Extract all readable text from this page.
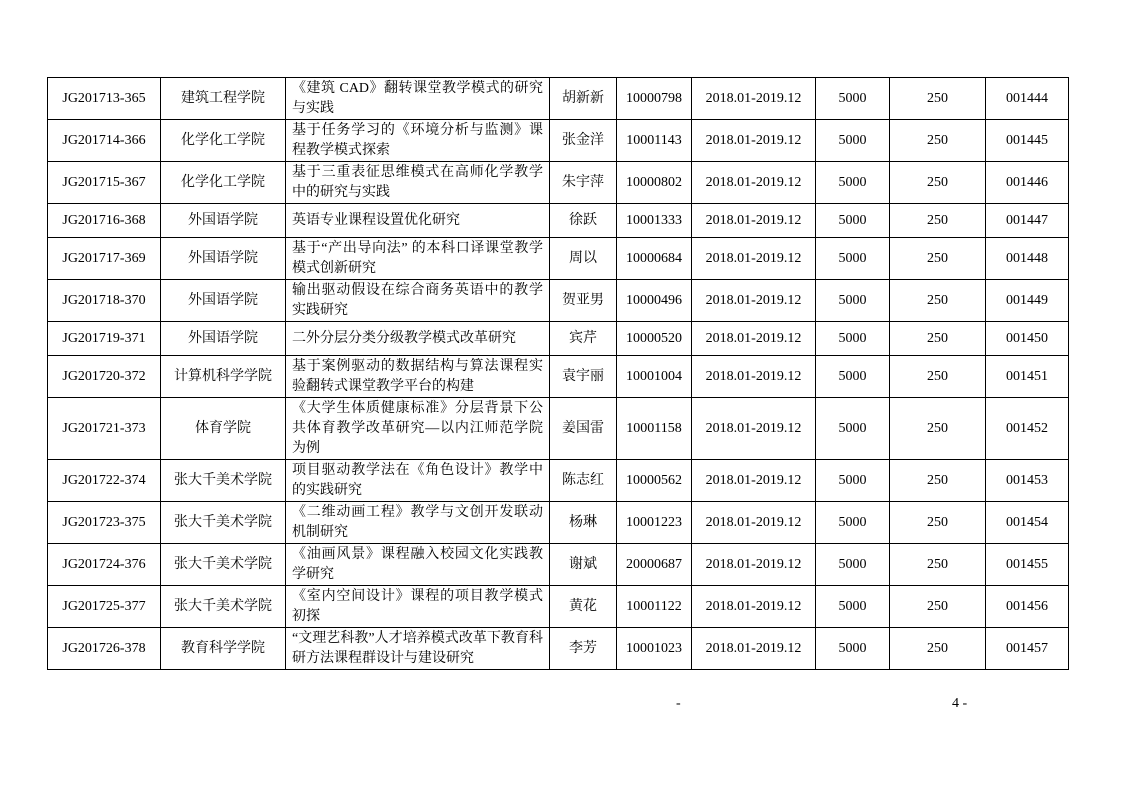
JG201713-365	建筑工程学院	《建筑 CAD》翻转课堂教学模式的研究与实践	胡新新	10000798	2018.01-2019.12	5000	250	001444
JG201714-366	化学化工学院	基于任务学习的《环境分析与监测》课程教学模式探索	张金洋	10001143	2018.01-2019.12	5000	250	001445
JG201715-367	化学化工学院	基于三重表征思维模式在高师化学教学中的研究与实践	朱宇萍	10000802	2018.01-2019.12	5000	250	001446
JG201716-368	外国语学院	英语专业课程设置优化研究	徐跃	10001333	2018.01-2019.12	5000	250	001447
JG201717-369	外国语学院	基于“产出导向法” 的本科口译课堂教学模式创新研究	周以	10000684	2018.01-2019.12	5000	250	001448
JG201718-370	外国语学院	输出驱动假设在综合商务英语中的教学实践研究	贺亚男	10000496	2018.01-2019.12	5000	250	001449
JG201719-371	外国语学院	二外分层分类分级教学模式改革研究	宾芹	10000520	2018.01-2019.12	5000	250	001450
JG201720-372	计算机科学学院	基于案例驱动的数据结构与算法课程实验翻转式课堂教学平台的构建	袁宇丽	10001004	2018.01-2019.12	5000	250	001451
JG201721-373	体育学院	《大学生体质健康标准》分层背景下公共体育教学改革研究—以内江师范学院为例	姜国雷	10001158	2018.01-2019.12	5000	250	001452
JG201722-374	张大千美术学院	项目驱动教学法在《角色设计》教学中的实践研究	陈志红	10000562	2018.01-2019.12	5000	250	001453
JG201723-375	张大千美术学院	《二维动画工程》教学与文创开发联动机制研究	杨琳	10001223	2018.01-2019.12	5000	250	001454
JG201724-376	张大千美术学院	《油画风景》课程融入校园文化实践教学研究	谢斌	20000687	2018.01-2019.12	5000	250	001455
JG201725-377	张大千美术学院	《室内空间设计》课程的项目教学模式初探	黄花	10001122	2018.01-2019.12	5000	250	001456
JG201726-378	教育科学学院	“文理艺科教”人才培养模式改革下教育科研方法课程群设计与建设研究	李芳	10001023	2018.01-2019.12	5000	250	001457
-	4 -
